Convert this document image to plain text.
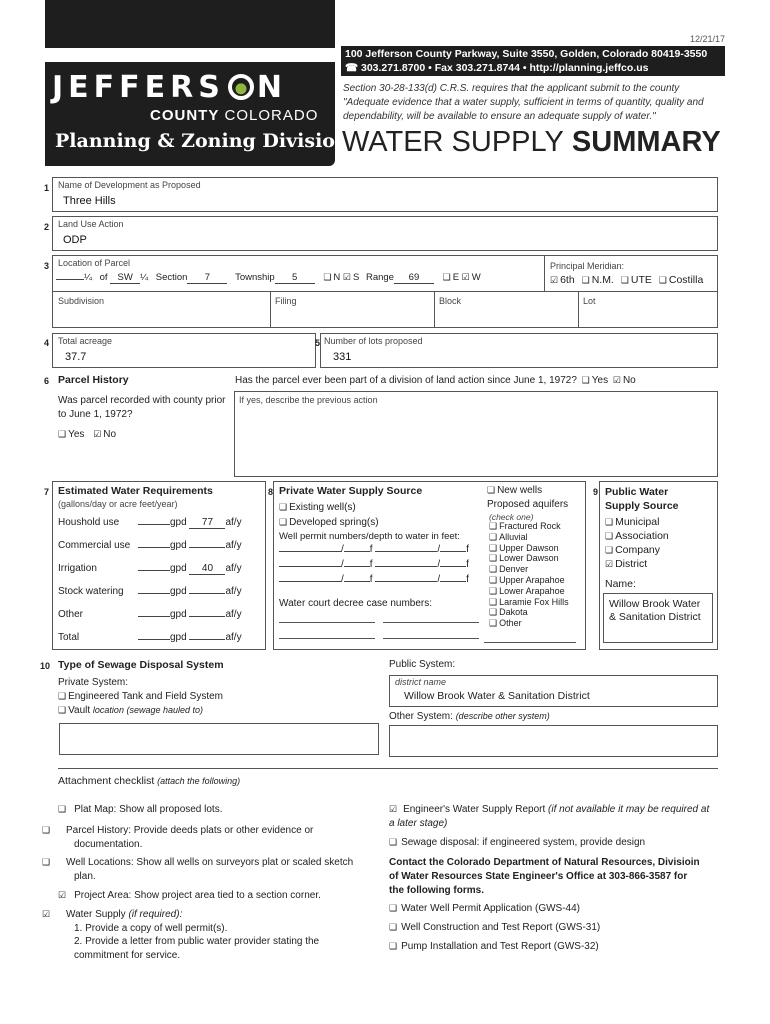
JEFFERS N
COUNTY COLORADO
Planning & Zoning Division
12/21/17
100 Jefferson County Parkway, Suite 3550, Golden, Colorado 80419-3550
☎ 303.271.8700 • Fax 303.271.8744 • http://planning.jeffco.us
Section 30-28-133(d) C.R.S. requires that the applicant submit to the county "Adequate evidence that a water supply, sufficient in terms of quantity, quality and dependability, will be available to ensure an adequate supply of water."
WATER SUPPLY SUMMARY
1 Name of Development as Proposed
Three Hills
2 Land Use Action
ODP
3 Location of Parcel
¼ of SW ¼ Section 7	Township 5	❑ N ☑ S Range 69	❑ E ☑ W
Principal Meridian:
☑ 6th ❑ N.M. ❑ UTE ❑ Costilla
Subdivision	Filing	Block	Lot
4 Total acreage
37.7
5 Number of lots proposed
331
6 Parcel History
Was parcel recorded with county prior to June 1, 1972?
❑ Yes ☑ No
Has the parcel ever been part of a division of land action since June 1, 1972? ❑ Yes ☑ No
If yes, describe the previous action
7 Estimated Water Requirements
(gallons/day or acre feet/year)
Houshold use	gpd 77 af/y
Commercial use	gpd	af/y
Irrigation	gpd 40 af/y
Stock watering	gpd	af/y
Other	gpd	af/y
Total	gpd	af/y
8 Private Water Supply Source
❑ Existing well(s)
❑ Developed spring(s)
Well permit numbers/depth to water in feet:
/	f	/	f
/	f	/	f
/	f	/	f
Water court decree case numbers:
❑ New wells
Proposed aquifers
(check one)
❑ Fractured Rock
❑ Alluvial
❑ Upper Dawson
❑ Lower Dawson
❑ Denver
❑ Upper Arapahoe
❑ Lower Arapahoe
❑ Laramie Fox Hills
❑ Dakota
❑ Other
9 Public Water Supply Source
❑ Municipal
❑ Association
❑ Company
☑ District
Name:
Willow Brook Water & Sanitation District
10 Type of Sewage Disposal System
Private System:
❑ Engineered Tank and Field System
❑ Vault location (sewage hauled to)
Public System:
district name
Willow Brook Water & Sanitation District
Other System: (describe other system)
Attachment checklist (attach the following)
❑ Plat Map: Show all proposed lots.
❑ Parcel History: Provide deeds plats or other evidence or documentation.
❑ Well Locations: Show all wells on surveyors plat or scaled sketch plan.
☑ Project Area: Show project area tied to a section corner.
☑ Water Supply (if required):
1. Provide a copy of well permit(s).
2. Provide a letter from public water provider stating the commitment for service.
☑ Engineer's Water Supply Report (if not available it may be required at a later stage)
❑ Sewage disposal: if engineered system, provide design
Contact the Colorado Department of Natural Resources, Divisioin of Water Resources State Engineer's Office at 303-866-3587 for the following forms.
❑ Water Well Permit Application (GWS-44)
❑ Well Construction and Test Report (GWS-31)
❑ Pump Installation and Test Report (GWS-32)
